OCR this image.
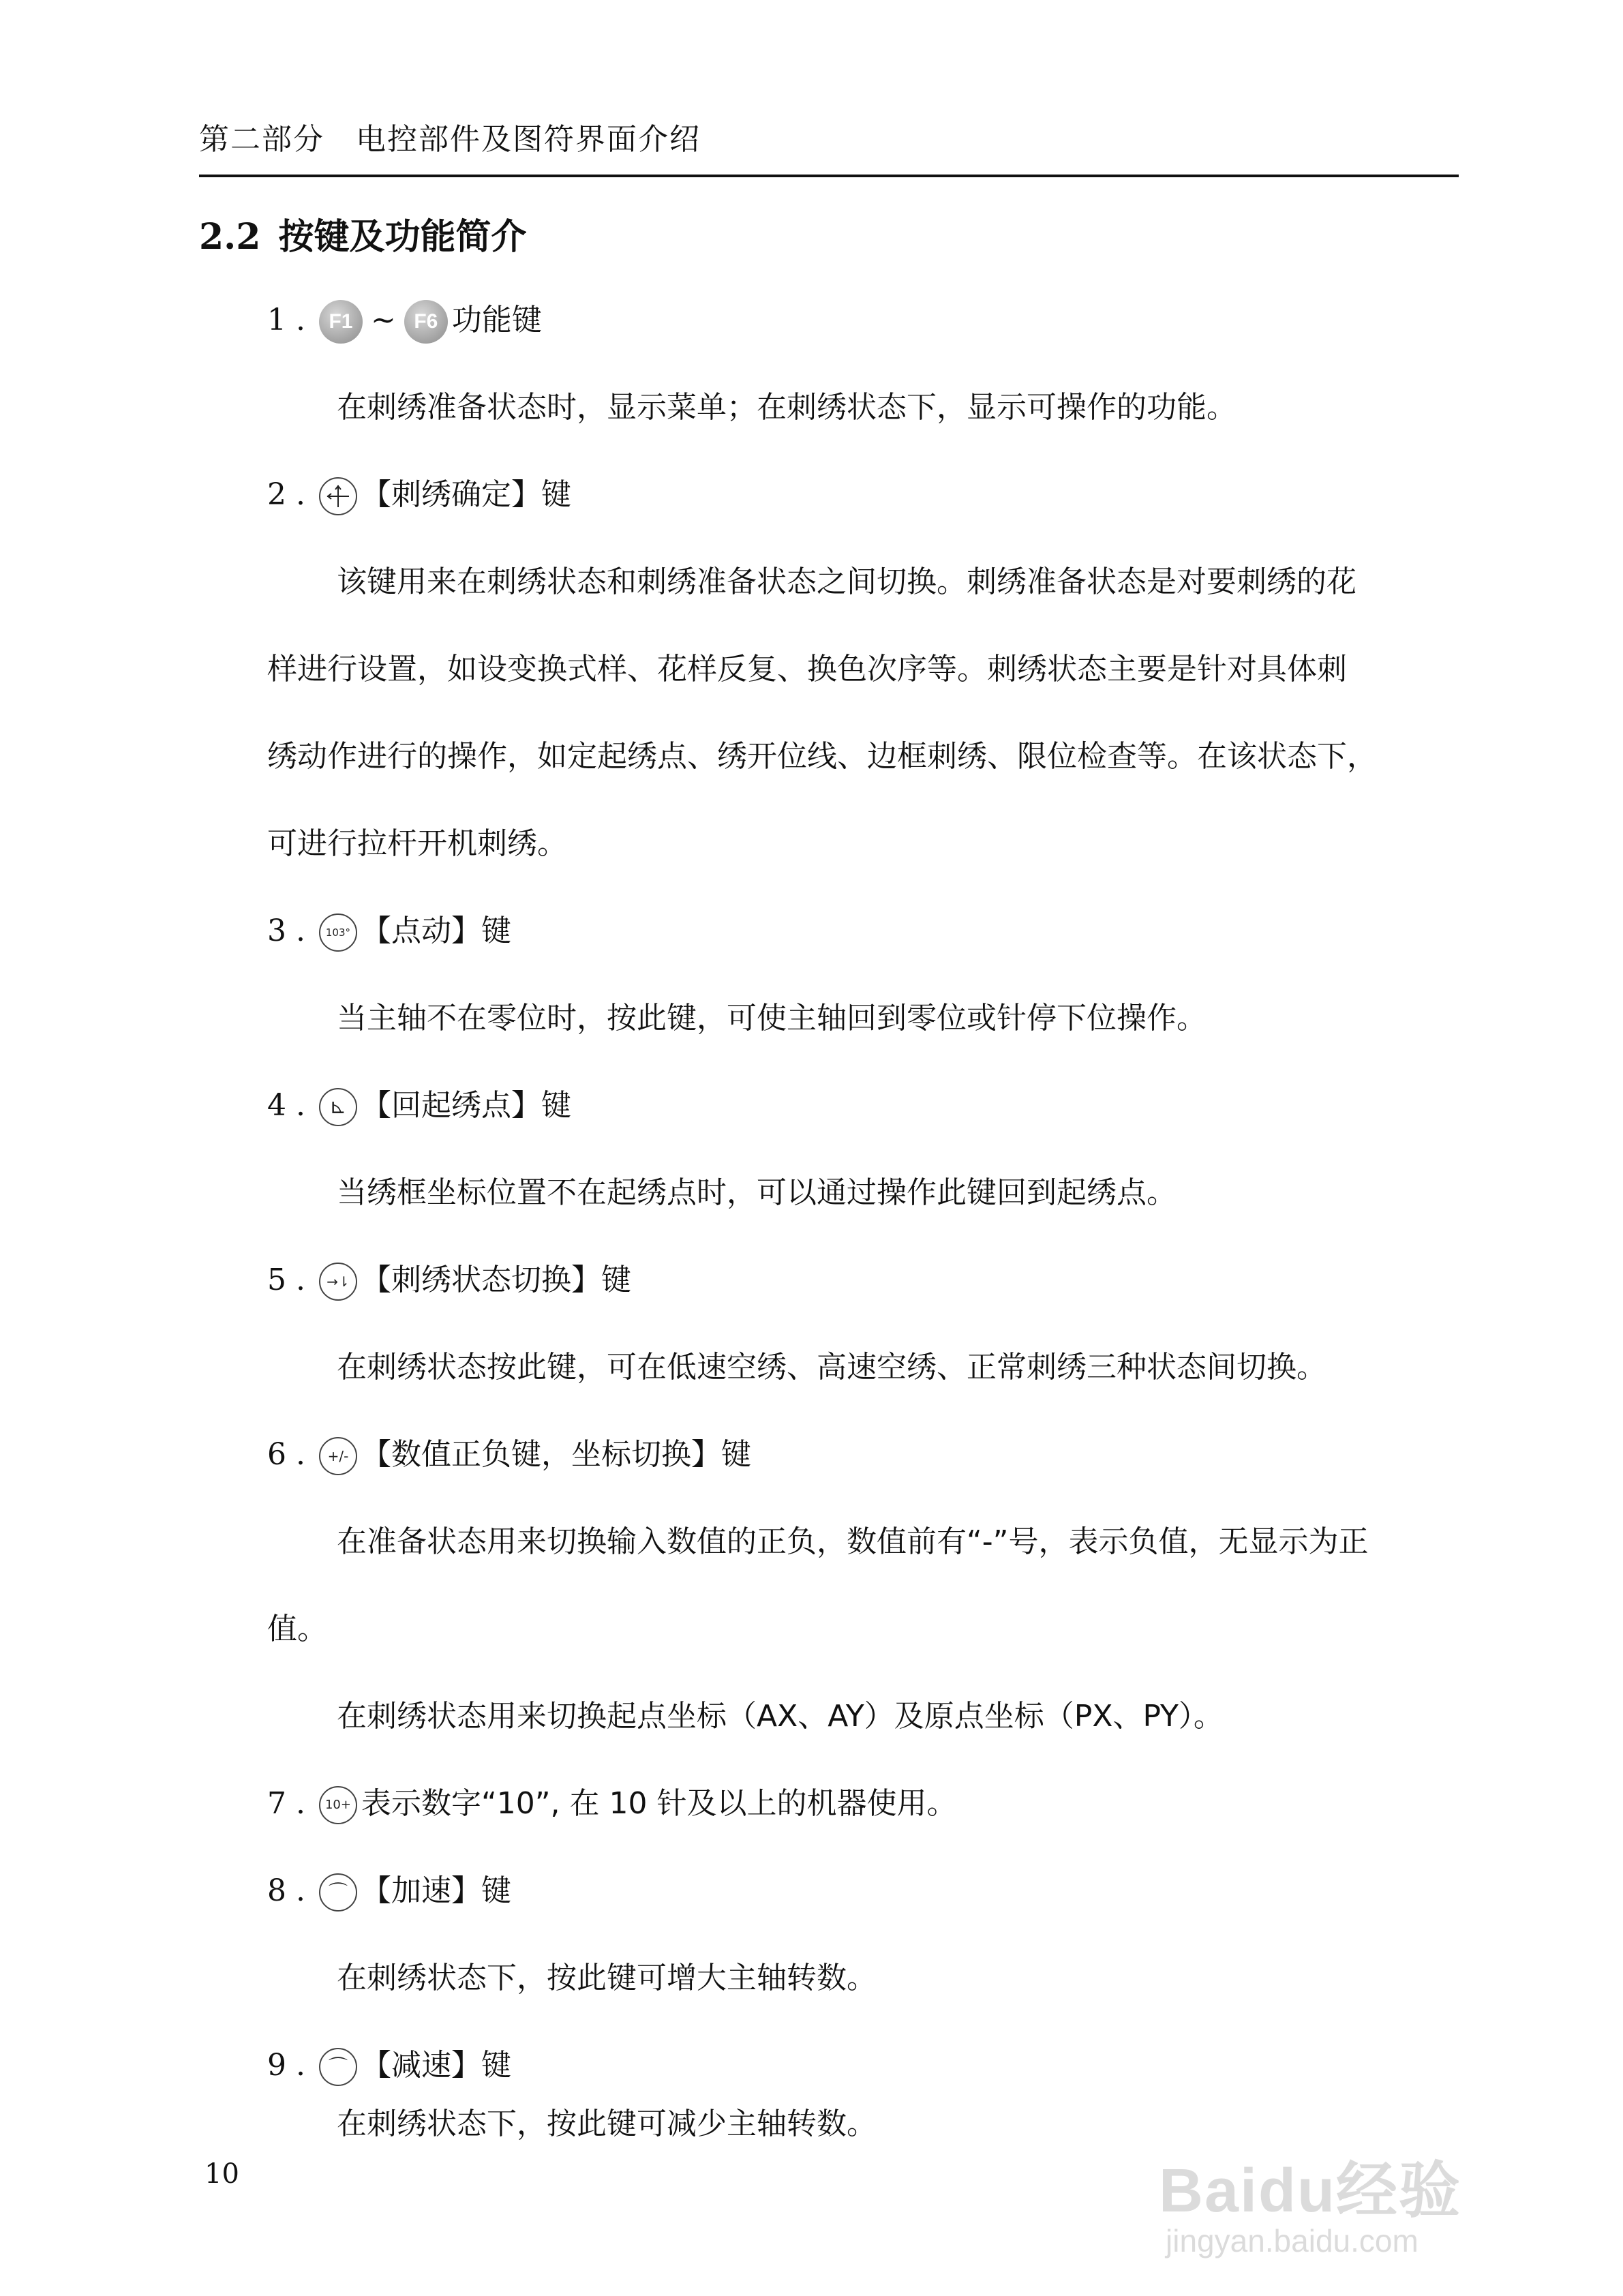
第二部分　电控部件及图符界面介绍
2.2 按键及功能简介
1 . F1 ~ F6 功能键
在刺绣准备状态时，显示菜单；在刺绣状态下，显示可操作的功能。
2 . 【刺绣确定】键
该键用来在刺绣状态和刺绣准备状态之间切换。刺绣准备状态是对要刺绣的花
样进行设置，如设变换式样、花样反复、换色次序等。刺绣状态主要是针对具体刺
绣动作进行的操作，如定起绣点、绣开位线、边框刺绣、限位检查等。在该状态下，
可进行拉杆开机刺绣。
3 . 103° 【点动】键
当主轴不在零位时，按此键，可使主轴回到零位或针停下位操作。
4 . ⊾ 【回起绣点】键
当绣框坐标位置不在起绣点时，可以通过操作此键回到起绣点。
5 . →⇂ 【刺绣状态切换】键
在刺绣状态按此键，可在低速空绣、高速空绣、正常刺绣三种状态间切换。
6 . +/- 【数值正负键，坐标切换】键
在准备状态用来切换输入数值的正负，数值前有“-”号，表示负值，无显示为正
值。
在刺绣状态用来切换起点坐标（AX、AY）及原点坐标（PX、PY）。
7 . 10+ 表示数字“10”, 在 10 针及以上的机器使用。
8 . ⌒ 【加速】键
在刺绣状态下，按此键可增大主轴转数。
9 . ⌒ 【减速】键
在刺绣状态下，按此键可减少主轴转数。
10	Baidu经验
jingyan.baidu.com
